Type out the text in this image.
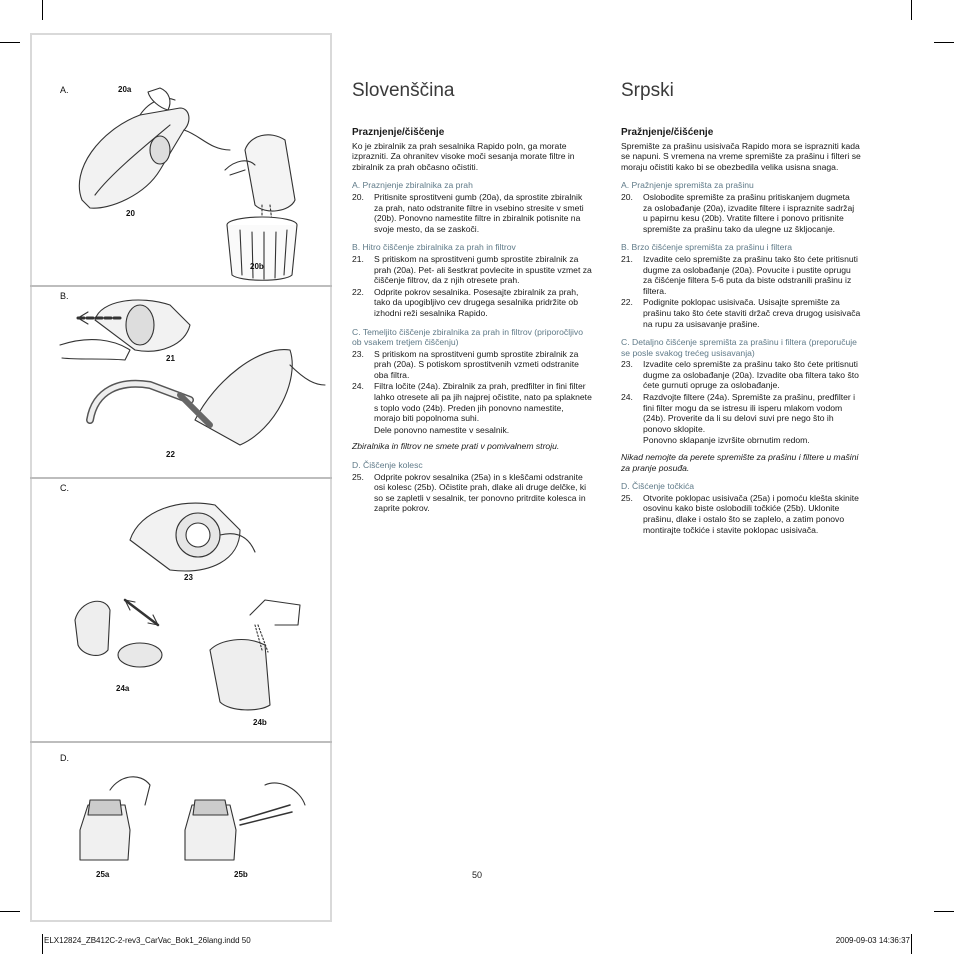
A.
B.
C.
D.
20a
20
20b
21
22
23
24a
24b
25a	25b
Slovenščina
Praznjenje/čiščenje

Ko je zbiralnik za prah sesalnika Rapido poln, ga morate izprazniti. Za ohranitev visoke moči sesanja morate filtre in zbiralnik za prah občasno očistiti.

A. Praznjenje zbiralnika za prah
20. Pritisnite sprostitveni gumb (20a), da sprostite zbiralnik za prah, nato odstranite filtre in vsebino stresite v smeti (20b). Ponovno namestite filtre in zbiralnik potisnite na svoje mesto, da se zaskoči.
B. Hitro čiščenje zbiralnika za prah in filtrov
21. S pritiskom na sprostitveni gumb sprostite zbiralnik za prah (20a). Pet- ali šestkrat povlecite in spustite vzmet za čiščenje filtrov, da z njih otresete prah.
22. Odprite pokrov sesalnika. Posesajte zbiralnik za prah, tako da upogibljivo cev drugega sesalnika pridržite ob izhodni reži sesalnika Rapido.
C. Temeljito čiščenje zbiralnika za prah in filtrov (priporočljivo ob vsakem tretjem čiščenju)
23. S pritiskom na sprostitveni gumb sprostite zbiralnik za prah (20a). S potiskom sprostitvenih vzmeti odstranite oba filtra.
24. Filtra ločite (24a). Zbiralnik za prah, predfilter in fini filter lahko otresete ali pa jih najprej očistite, nato pa splaknete s toplo vodo (24b). Preden jih ponovno namestite, morajo biti popolnoma suhi.
Dele ponovno namestite v sesalnik.
Zbiralnika in filtrov ne smete prati v pomivalnem stroju.
D. Čiščenje kolesc
25. Odprite pokrov sesalnika (25a) in s kleščami odstranite osi kolesc (25b). Očistite prah, dlake ali druge delčke, ki so se zapletli v sesalnik, ter ponovno pritrdite kolesca in zaprite pokrov.
Srpski
Pražnjenje/čišćenje

Spremište za prašinu usisivača Rapido mora se isprazniti kada se napuni. S vremena na vreme spremište za prašinu i filteri se moraju očistiti kako bi se obezbedila velika usisna snaga.

A. Pražnjenje spremišta za prašinu
20. Oslobodite spremište za prašinu pritiskanjem dugmeta za oslobađanje (20a), izvadite filtere i ispraznite sadržaj u papirnu kesu (20b). Vratite filtere i ponovo pritisnite spremište za prašinu tako da ulegne uz škljocanje.
B. Brzo čišćenje spremišta za prašinu i filtera
21. Izvadite celo spremište za prašinu tako što ćete pritisnuti dugme za oslobađanje (20a). Povucite i pustite oprugu za čišćenje filtera 5-6 puta da biste odstranili prašinu iz filtera.
22. Podignite poklopac usisivača. Usisajte spremište za prašinu tako što ćete staviti držač creva drugog usisivača na rupu za usisavanje prašine.
C. Detaljno čišćenje spremišta za prašinu i filtera (preporučuje se posle svakog trećeg usisavanja)
23. Izvadite celo spremište za prašinu tako što ćete pritisnuti dugme za oslobađanje (20a). Izvadite oba filtera tako što ćete gurnuti opruge za oslobađanje.
24. Razdvojte filtere (24a). Spremište za prašinu, predfilter i fini filter mogu da se istresu ili isperu mlakom vodom (24b). Proverite da li su delovi suvi pre nego što ih ponovo sklopite.
Ponovno sklapanje izvršite obrnutim redom.
Nikad nemojte da perete spremište za prašinu i filtere u mašini za pranje posuđa.
D. Čišćenje točkića
25. Otvorite poklopac usisivača (25a) i pomoću klešta skinite osovinu kako biste oslobodili točkiće (25b). Uklonite prašinu, dlake i ostalo što se zaplelo, a zatim ponovo montirajte točkiće i stavite poklopac usisivača.
50
ELX12824_ZB412C-2-rev3_CarVac_Bok1_26lang.indd 50	2009-09-03 14:36:37
